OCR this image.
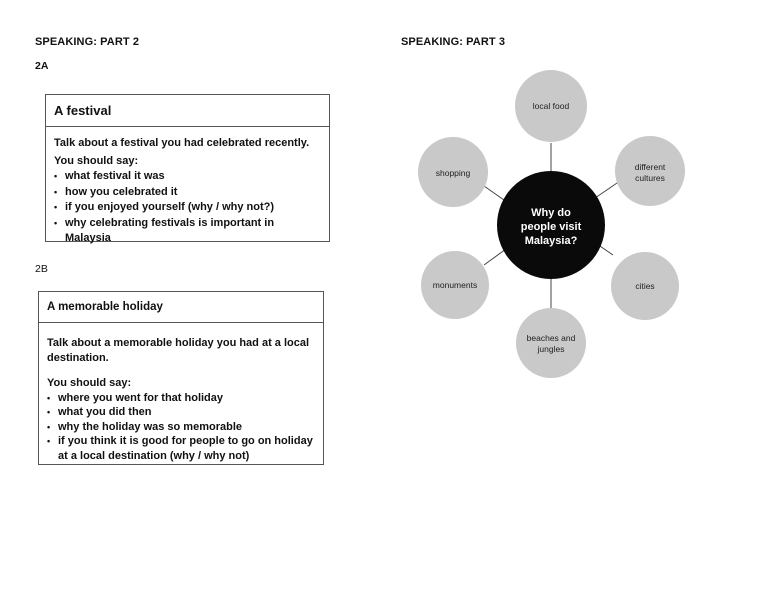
SPEAKING: PART 2	SPEAKING: PART 3
2A
A festival

Talk about a festival you had celebrated recently.

You should say:

• what festival it was
• how you celebrated it
• if you enjoyed yourself (why / why not?)
• why celebrating festivals is important in Malaysia
2B
A memorable holiday

Talk about a memorable holiday you had at a local
destination.

You should say:

• where you went for that holiday
• what you did then
• why the holiday was so memorable
• if you think it is good for people to go on holiday
at a local destination (why / why not)
Why do
people visit
Malaysia?
local food
different
cultures
cities
beaches and
jungles
monuments
shopping
